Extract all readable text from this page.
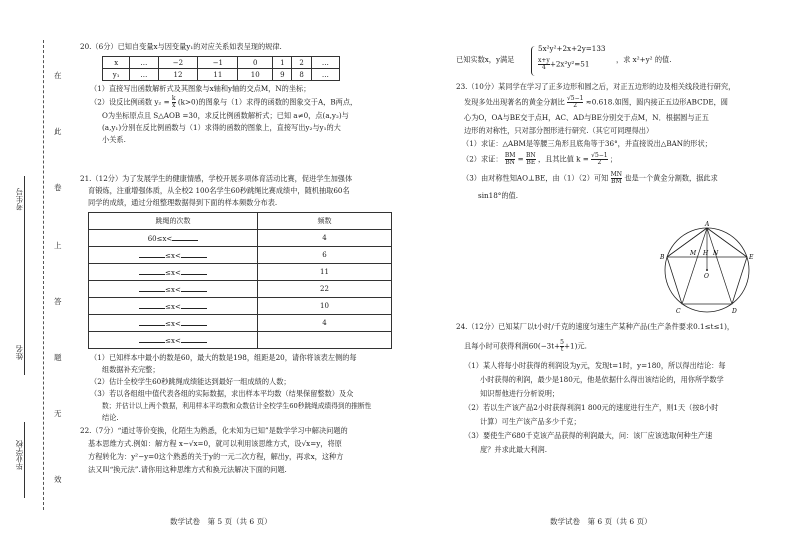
在
此
卷
上
答
题
无
效
考生号
姓名
毕业学校
20.（6分）已知自变量x与因变量y₁的对应关系如表呈现的规律.
x	…	−2	−1	0	1	2	…
y₁	…	12	11	10	9	8	…
（1）直接写出函数解析式及其图象与x轴和y轴的交点M，N的坐标；
（2）设反比例函数 $y_2 = \frac{k}{x} (k>0)$的图象与（1）求得的函数的图象交于A，B两点，
O为坐标原点且 S△AOB =30，求反比例函数解析式；已知 a≠0，点(a,y₂)与
(a,y₁)分别在反比例函数与（1）求得的函数的图象上，直接写出y₂与y₁的大
小关系.
21.（12分）为了发展学生的健康情感，学校开展多项体育活动比赛，促进学生加强体
育锻炼，注重增强体质，从全校2 100名学生60秒跳绳比赛成绩中，随机抽取60名
同学的成绩，通过分组整理数据得到下面的样本频数分布表.
跳绳的次数	频数
60≤x<	4
≤x<	6
≤x<	11
≤x<	22
≤x<	10
≤x<	4
≤x<	
（1）已知样本中最小的数是60，最大的数是198，组距是20，请你将该表左侧的每
组数据补充完整；
（2）估计全校学生60秒跳绳成绩能达到最好一组成绩的人数；
（3）若以各组组中值代表各组的实际数据，求出样本平均数（结果保留整数）及众
数；并估计以上两个数据，利用样本平均数和众数估计全校学生60秒跳绳成绩得到的推断性
结论.
22.（7分）“通过等价变换，化陌生为熟悉，化未知为已知”是数学学习中解决问题的
基本思维方式.例如：解方程 x−√x=0，就可以利用该思维方式，设√x=y，将原
方程转化为：y²−y=0这个熟悉的关于y的一元二次方程，解出y，再求x，这种方
法又叫“换元法”.请你用这种思维方式和换元法解决下面的问题.
数学试卷　第 5 页（共 6 页）
已知实数x，y满足
5x²y²+2x+2y=133
$\frac{x+y}{4} +2x^2y^2=51$	，求 x²+y² 的值.
23.（10分）某同学在学习了正多边形和圆之后，对正五边形的边及相关线段进行研究，
发现多处出现著名的黄金分割比 $\frac{√5-1}{2} \approx 0.618$.如图，圆内接正五边形ABCDE，圆
心为O，OA与BE交于点H，AC、AD与BE分别交于点M，N．根据圆与正五
边形的对称性，只对部分图形进行研究.（其它可同理得出）
（1）求证：△ABM是等腰三角形且底角等于36°，并直接说出△BAN的形状；
（2）求证： $\frac{BM}{BN} = \frac{BN}{BE}$ ，且其比值 $k = \frac{√5-1}{2}$ ；
（3）由对称性知AO⊥BE，由（1）（2）可知 $\frac{MN}{BM}$ 也是一个黄金分割数，据此求
sin18°的值.
A
B
C	D
E
M H N
O
24.（12分）已知某厂以t小时/千克的速度匀速生产某种产品(生产条件要求0.1≤t≤1)，
且每小时可获得利润$60(-3t+ \frac{5}{t} +1)$元.
（1）某人将每小时获得的利润设为y元，发现t=1时，y=180，所以得出结论：每
小时获得的利润，最少是180元，他是依据什么得出该结论的，用你所学数学
知识帮他进行分析说明；
（2）若以生产该产品2小时获得利润1 800元的速度进行生产，则1天（按8小时
计算）可生产该产品多少千克；
（3）要使生产680千克该产品获得的利润最大，问：该厂应该选取何种生产速
度？并求此最大利润.
数学试卷　第 6 页（共 6 页）
